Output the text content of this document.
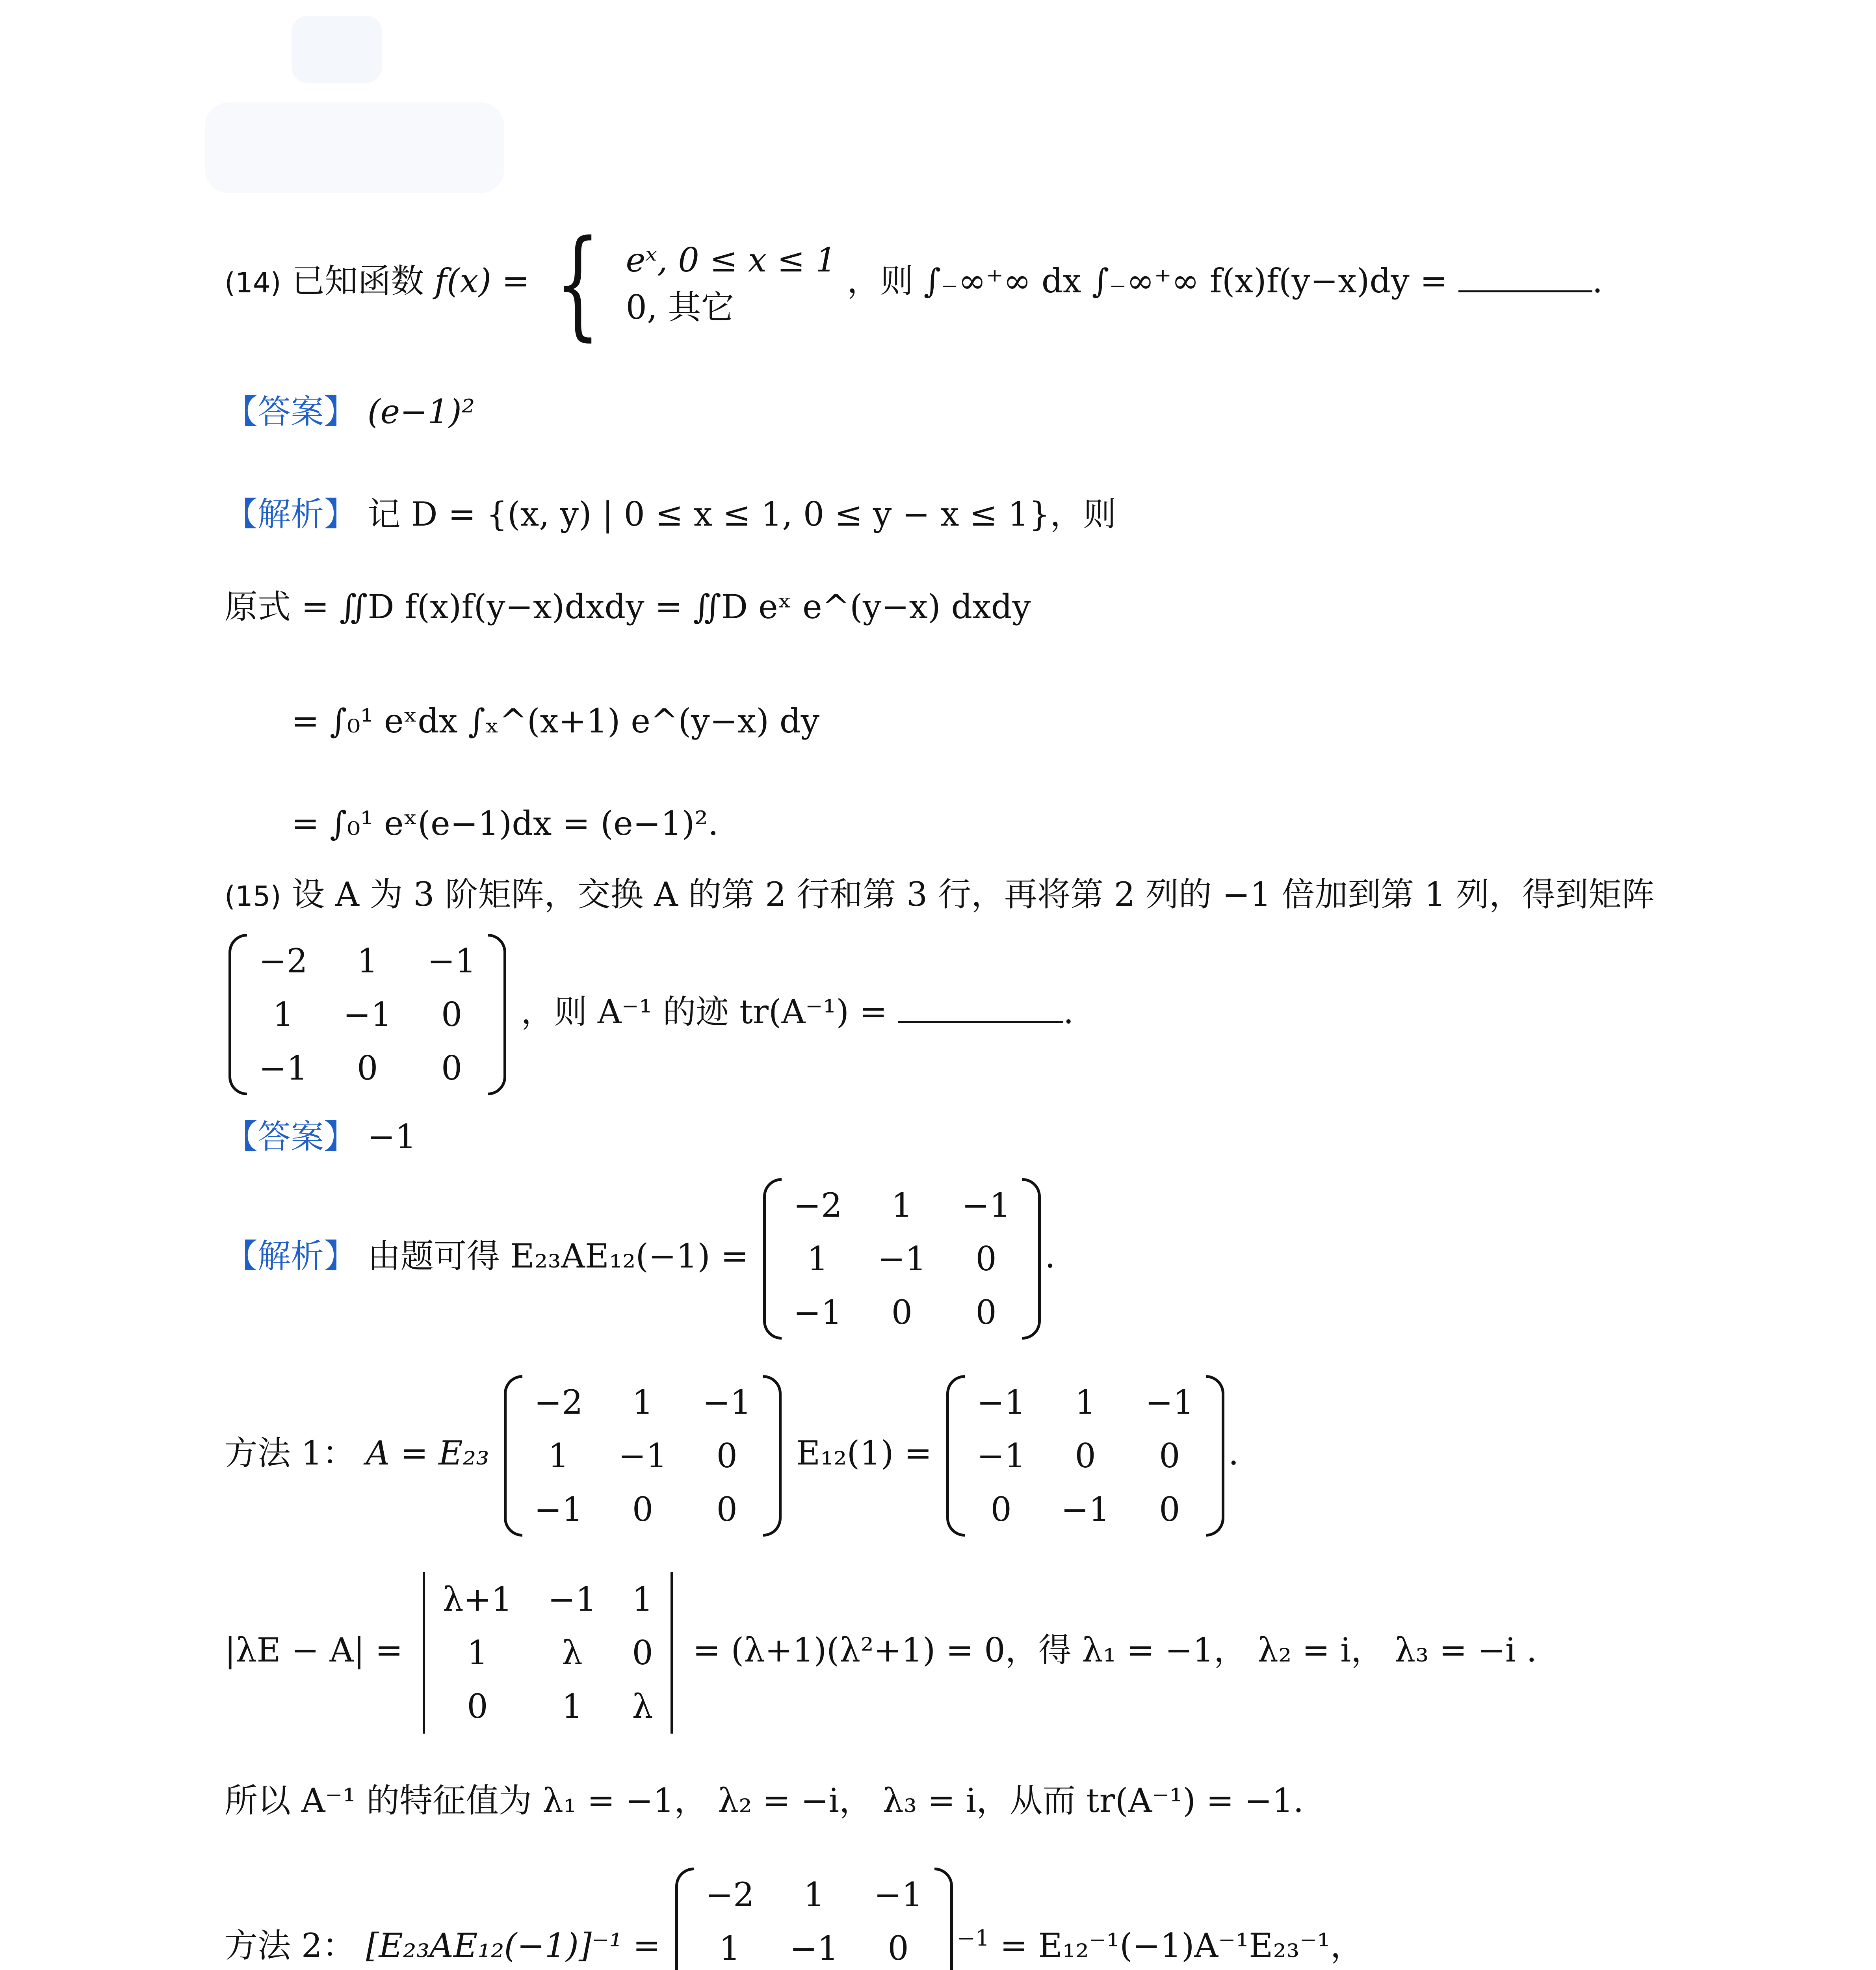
(14) 已知函数 f(x) = { eˣ, 0 ≤ x ≤ 1
0, 其它 ，则 ∫₋∞⁺∞ dx ∫₋∞⁺∞ f(x)f(y−x)dy =	.
【答案】 (e−1)²
【解析】 记 D = {(x, y) | 0 ≤ x ≤ 1, 0 ≤ y − x ≤ 1}，则
原式 = ∬D f(x)f(y−x)dxdy = ∬D eˣ e^(y−x) dxdy
= ∫₀¹ eˣdx ∫ₓ^(x+1) e^(y−x) dy
= ∫₀¹ eˣ(e−1)dx = (e−1)².
(15) 设 A 为 3 阶矩阵，交换 A 的第 2 行和第 3 行，再将第 2 列的 −1 倍加到第 1 列，得到矩阵
−2	1	−1
1	−1	0
−1	0	0
，则 A⁻¹ 的迹 tr(A⁻¹) =	.
【答案】 −1
【解析】 由题可得 E₂₃AE₁₂(−1) =
−2	1	−1
1	−1	0
−1	0	0
.
方法 1： A = E₂₃
−2	1	−1
1	−1	0
−1	0	0
E₁₂(1) =
−1	1	−1
−1	0	0
0	−1	0
.
|λE − A| =
λ+1 −1 1
1	λ	0
0	1	λ
= (λ+1)(λ²+1) = 0，得 λ₁ = −1， λ₂ = i， λ₃ = −i .
所以 A⁻¹ 的特征值为 λ₁ = −1， λ₂ = −i， λ₃ = i，从而 tr(A⁻¹) = −1.
方法 2： [E₂₃AE₁₂(−1)]⁻¹ =
−2	1	−1
1	−1	0	$^{-1}$ = E₁₂⁻¹(−1)A⁻¹E₂₃⁻¹，
